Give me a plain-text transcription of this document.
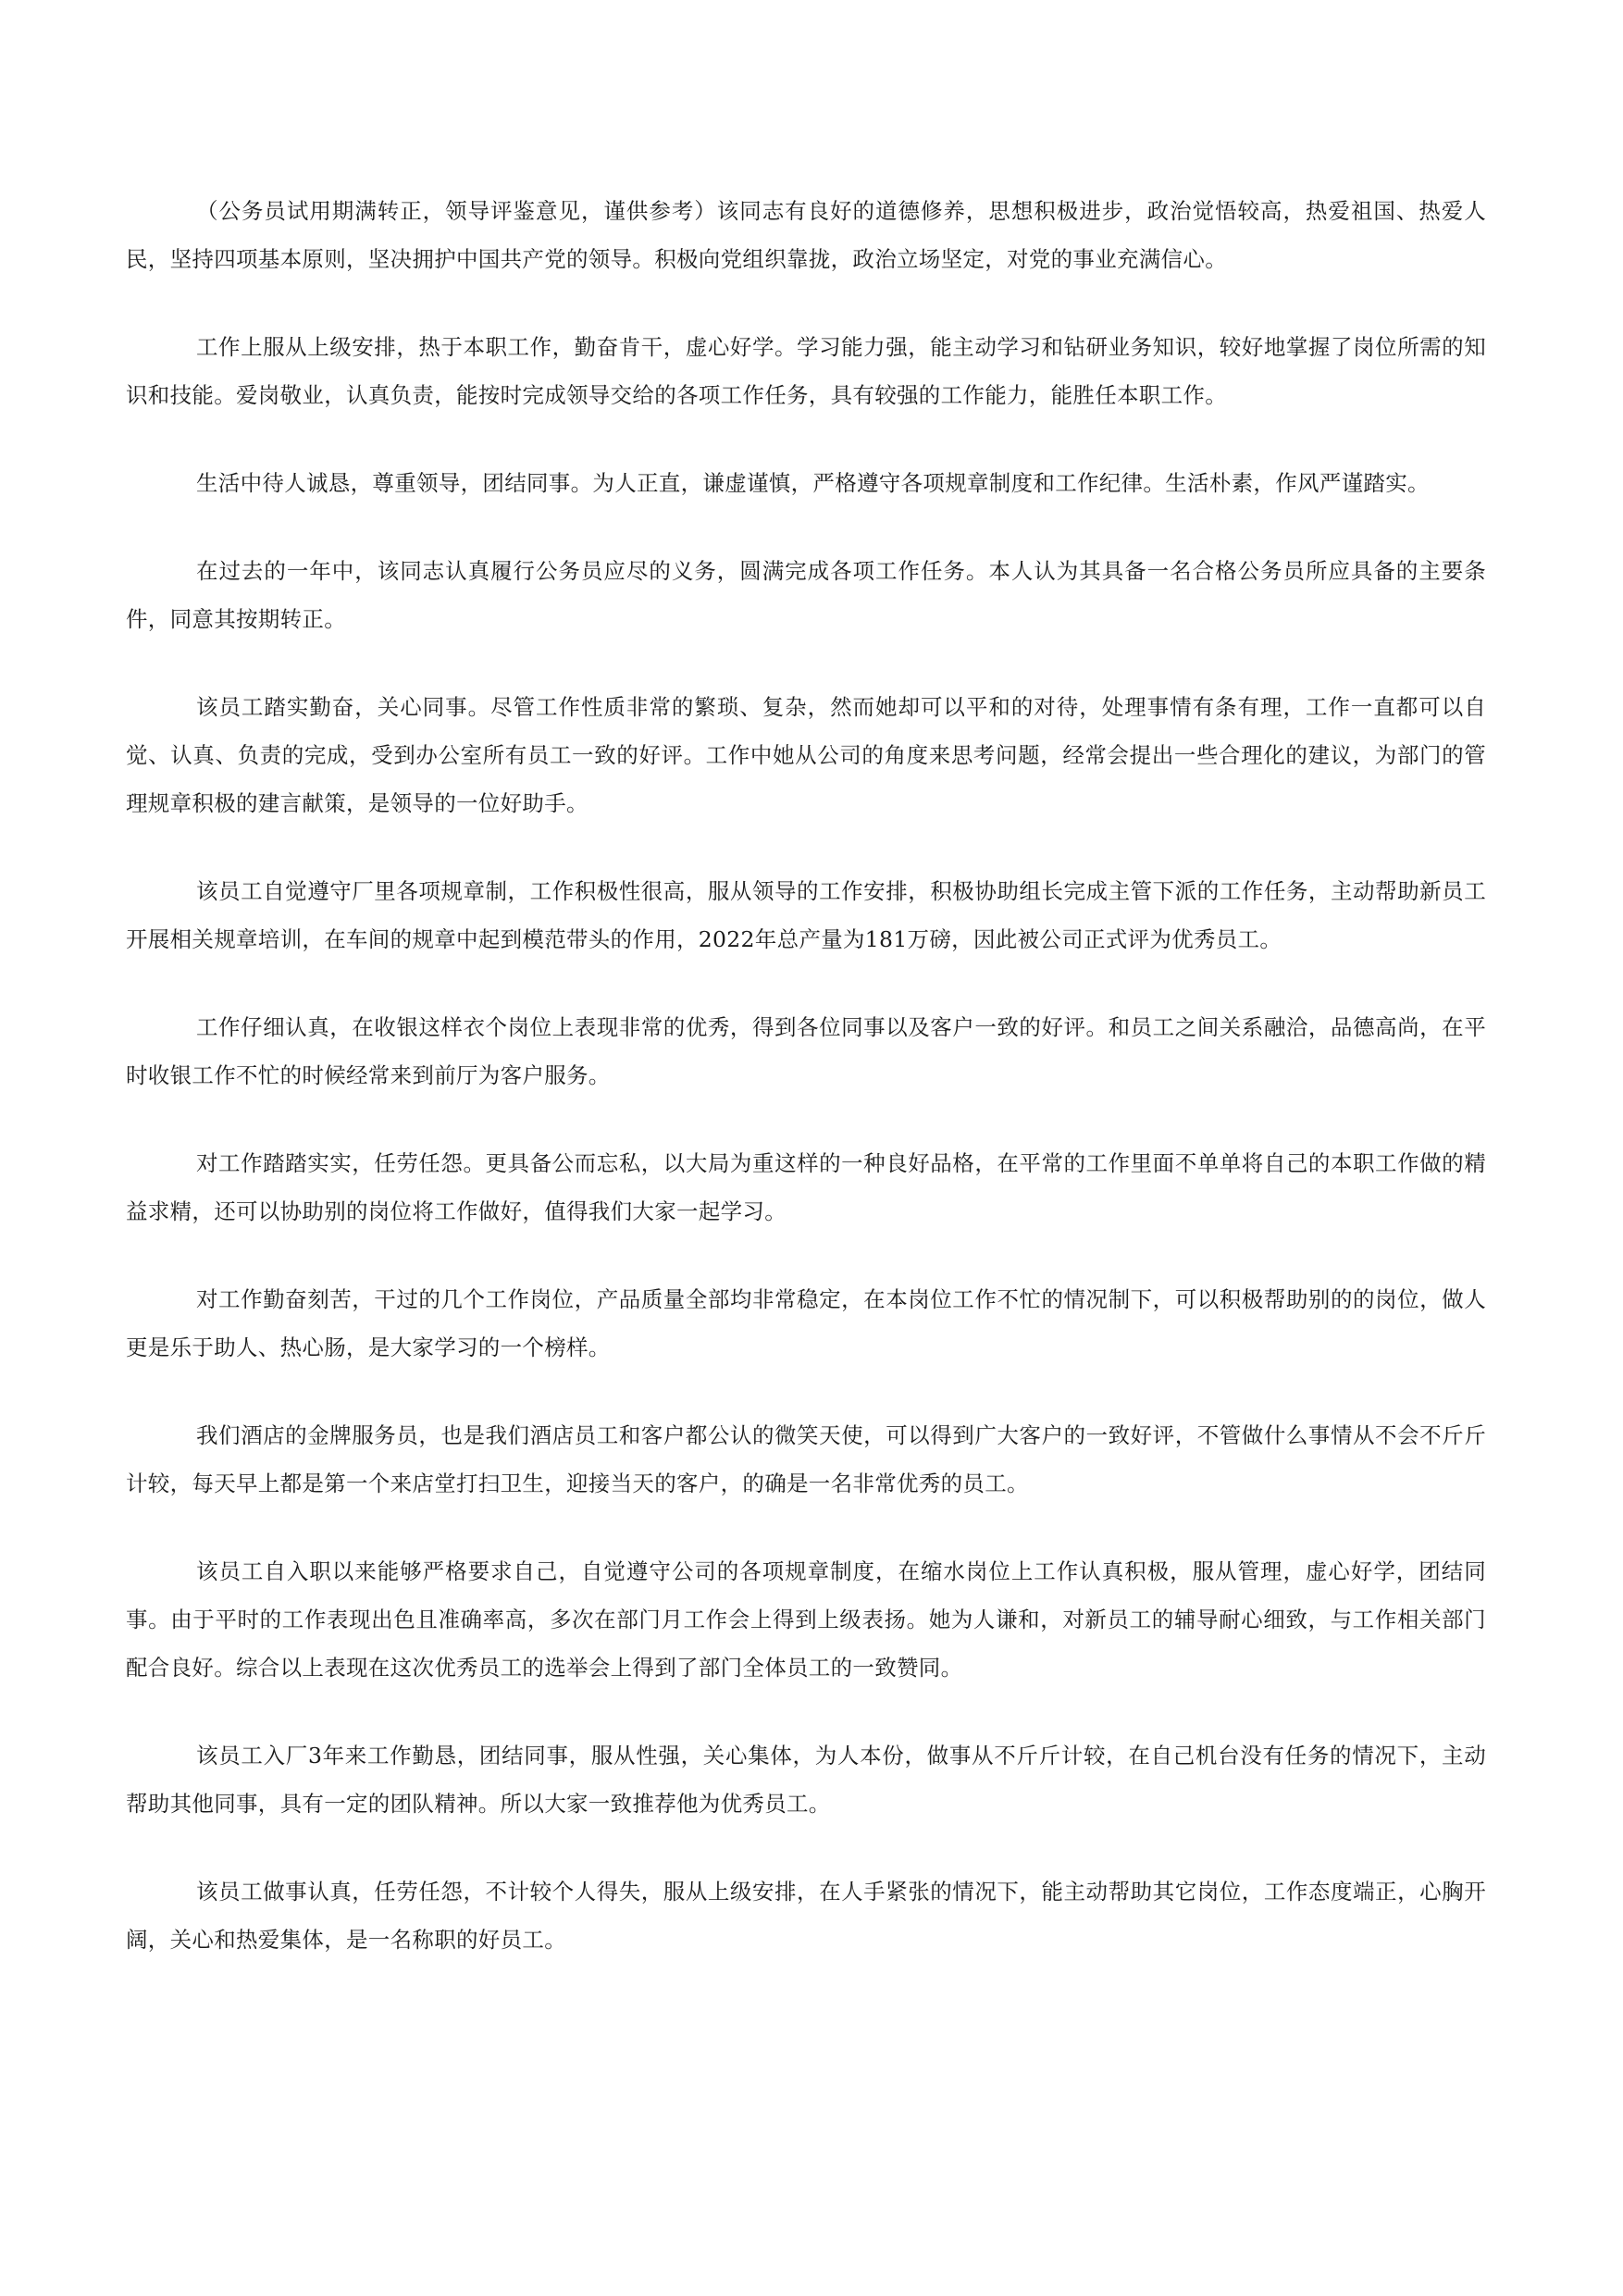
（公务员试用期满转正，领导评鉴意见，谨供参考）该同志有良好的道德修养，思想积极进步，政治觉悟较高，热爱祖国、热爱人民，坚持四项基本原则，坚决拥护中国共产党的领导。积极向党组织靠拢，政治立场坚定，对党的事业充满信心。

工作上服从上级安排，热于本职工作，勤奋肯干，虚心好学。学习能力强，能主动学习和钻研业务知识，较好地掌握了岗位所需的知识和技能。爱岗敬业，认真负责，能按时完成领导交给的各项工作任务，具有较强的工作能力，能胜任本职工作。

生活中待人诚恳，尊重领导，团结同事。为人正直，谦虚谨慎，严格遵守各项规章制度和工作纪律。生活朴素，作风严谨踏实。

在过去的一年中，该同志认真履行公务员应尽的义务，圆满完成各项工作任务。本人认为其具备一名合格公务员所应具备的主要条件，同意其按期转正。

该员工踏实勤奋，关心同事。尽管工作性质非常的繁琐、复杂，然而她却可以平和的对待，处理事情有条有理，工作一直都可以自觉、认真、负责的完成，受到办公室所有员工一致的好评。工作中她从公司的角度来思考问题，经常会提出一些合理化的建议，为部门的管理规章积极的建言献策，是领导的一位好助手。

该员工自觉遵守厂里各项规章制，工作积极性很高，服从领导的工作安排，积极协助组长完成主管下派的工作任务，主动帮助新员工开展相关规章培训，在车间的规章中起到模范带头的作用，2022年总产量为181万磅，因此被公司正式评为优秀员工。

工作仔细认真，在收银这样衣个岗位上表现非常的优秀，得到各位同事以及客户一致的好评。和员工之间关系融洽，品德高尚，在平时收银工作不忙的时候经常来到前厅为客户服务。

对工作踏踏实实，任劳任怨。更具备公而忘私，以大局为重这样的一种良好品格，在平常的工作里面不单单将自己的本职工作做的精益求精，还可以协助别的岗位将工作做好，值得我们大家一起学习。

对工作勤奋刻苦，干过的几个工作岗位，产品质量全部均非常稳定，在本岗位工作不忙的情况制下，可以积极帮助别的的岗位，做人更是乐于助人、热心肠，是大家学习的一个榜样。

我们酒店的金牌服务员，也是我们酒店员工和客户都公认的微笑天使，可以得到广大客户的一致好评，不管做什么事情从不会不斤斤计较，每天早上都是第一个来店堂打扫卫生，迎接当天的客户，的确是一名非常优秀的员工。

该员工自入职以来能够严格要求自己，自觉遵守公司的各项规章制度，在缩水岗位上工作认真积极，服从管理，虚心好学，团结同事。由于平时的工作表现出色且准确率高，多次在部门月工作会上得到上级表扬。她为人谦和，对新员工的辅导耐心细致，与工作相关部门配合良好。综合以上表现在这次优秀员工的选举会上得到了部门全体员工的一致赞同。

该员工入厂3年来工作勤恳，团结同事，服从性强，关心集体，为人本份，做事从不斤斤计较，在自己机台没有任务的情况下，主动帮助其他同事，具有一定的团队精神。所以大家一致推荐他为优秀员工。

该员工做事认真，任劳任怨，不计较个人得失，服从上级安排，在人手紧张的情况下，能主动帮助其它岗位，工作态度端正，心胸开阔，关心和热爱集体，是一名称职的好员工。
